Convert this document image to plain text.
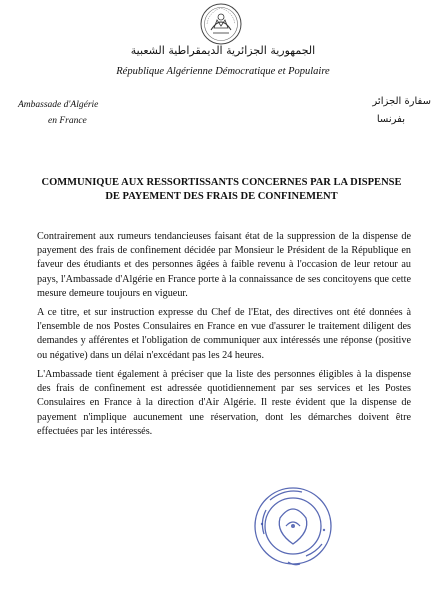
الجمهورية الجزائرية الديمقراطية الشعبية
République Algérienne Démocratique et Populaire
Ambassade d'Algérie
en France
سفارة الجزائر
بفرنسا
COMMUNIQUE AUX RESSORTISSANTS CONCERNES PAR LA DISPENSE DE PAYEMENT DES FRAIS DE CONFINEMENT
Contrairement aux rumeurs tendancieuses faisant état de la suppression de la dispense de payement des frais de confinement décidée par Monsieur le Président de la République en faveur des étudiants et des personnes âgées à faible revenu à l'occasion de leur retour au pays, l'Ambassade d'Algérie en France porte à la connaissance de ses concitoyens que cette mesure demeure toujours en vigueur.
A ce titre, et sur instruction expresse du Chef de l'Etat, des directives ont été données à l'ensemble de nos Postes Consulaires en France en vue d'assurer le traitement diligent des demandes y afférentes et l'obligation de communiquer aux intéressés une réponse (positive ou négative) dans un délai n'excédant pas les 24 heures.
L'Ambassade tient également à préciser que la liste des personnes éligibles à la dispense des frais de confinement est adressée quotidiennement par ses services et les Postes Consulaires en France à la direction d'Air Algérie. Il reste évident que la dispense de payement n'implique aucunement une réservation, dont les démarches doivent être effectuées par les intéressés.
